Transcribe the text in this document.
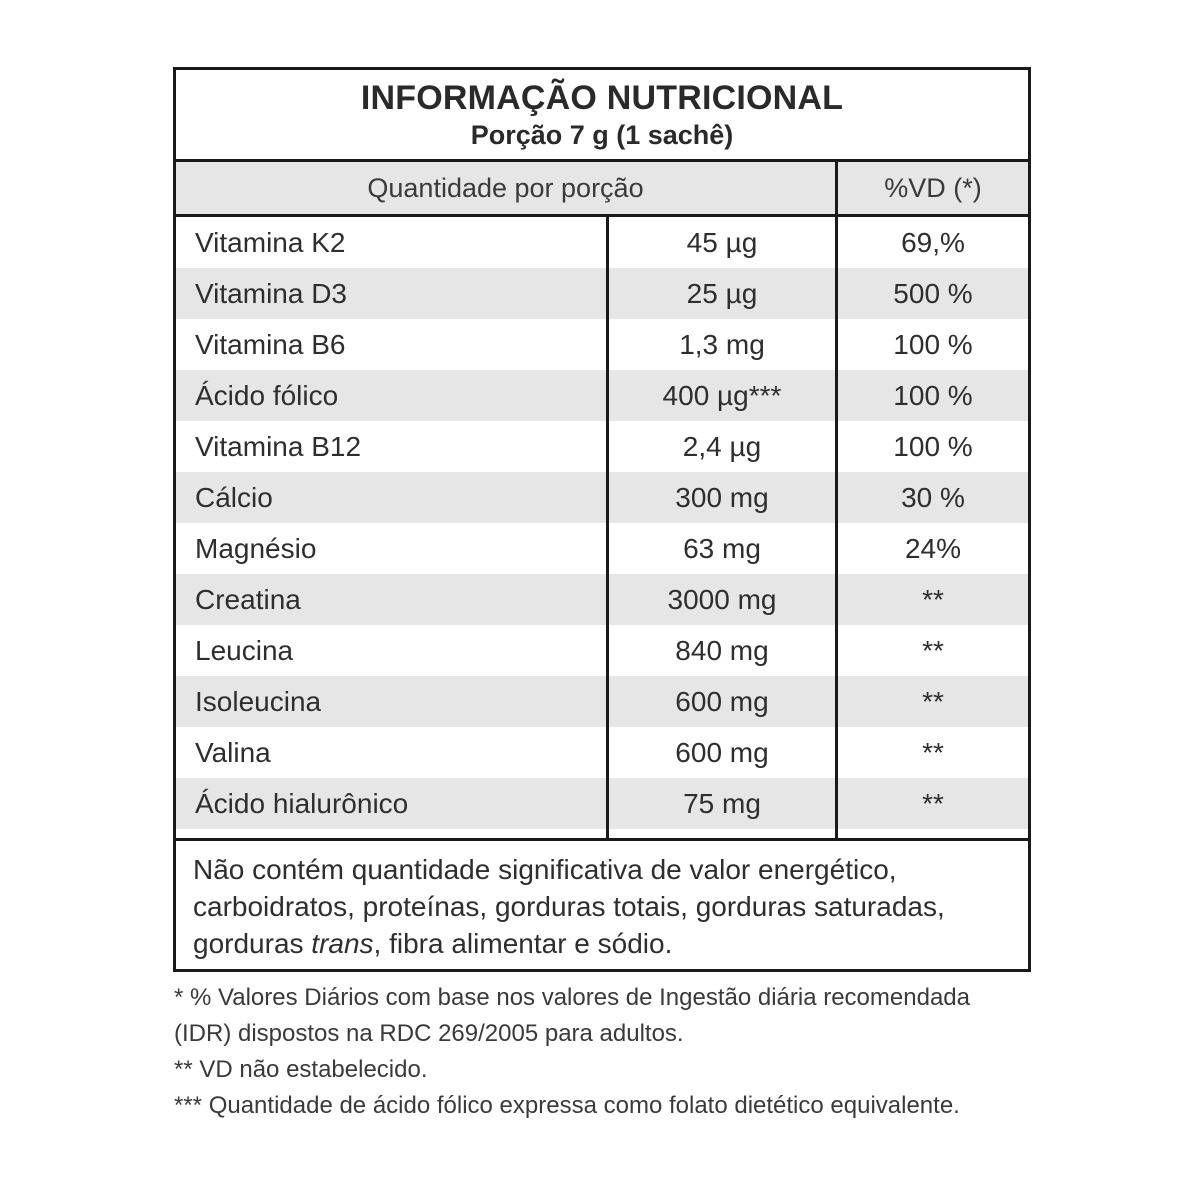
INFORMAÇÃO NUTRICIONAL
Porção 7 g (1 sachê)
Quantidade por porção	%VD (*)
Vitamina K2	45 µg	69,%
Vitamina D3	25 µg	500 %
Vitamina B6	1,3 mg	100 %
Ácido fólico	400 µg***	100 %
Vitamina B12	2,4 µg	100 %
Cálcio	300 mg	30 %
Magnésio	63 mg	24%
Creatina	3000 mg	**
Leucina	840 mg	**
Isoleucina	600 mg	**
Valina	600 mg	**
Ácido hialurônico	75 mg	**
Não contém quantidade significativa de valor energético,
carboidratos, proteínas, gorduras totais, gorduras saturadas,
gorduras trans, fibra alimentar e sódio.
* % Valores Diários com base nos valores de Ingestão diária recomendada
(IDR) dispostos na RDC 269/2005 para adultos.
** VD não estabelecido.
*** Quantidade de ácido fólico expressa como folato dietético equivalente.
